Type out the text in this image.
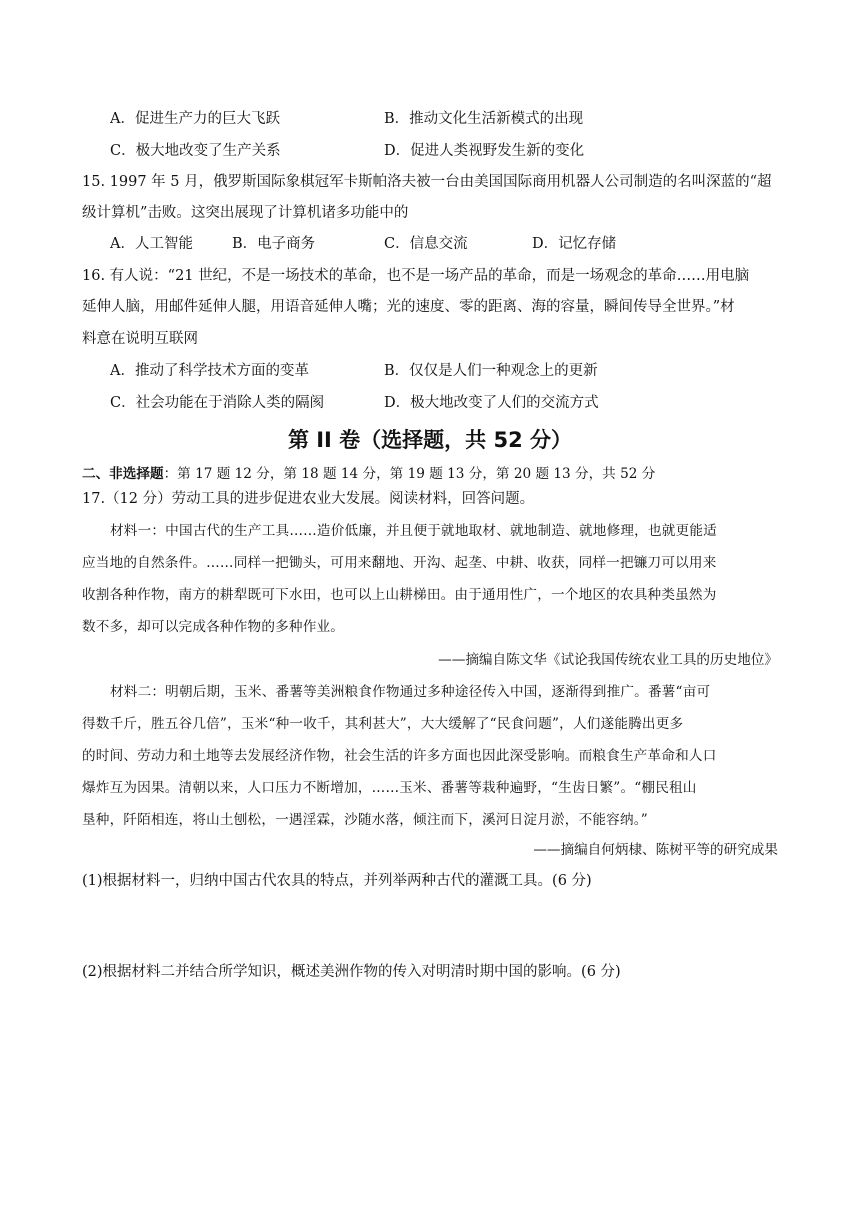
A．促进生产力的巨大飞跃	B．推动文化生活新模式的出现
C．极大地改变了生产关系	D．促进人类视野发生新的变化
15. 1997 年 5 月，俄罗斯国际象棋冠军卡斯帕洛夫被一台由美国国际商用机器人公司制造的名叫深蓝的“超
级计算机”击败。这突出展现了计算机诸多功能中的
A．人工智能	B．电子商务	C．信息交流	D．记忆存储
16. 有人说：“21 世纪，不是一场技术的革命，也不是一场产品的革命，而是一场观念的革命……用电脑
延伸人脑，用邮件延伸人腿，用语音延伸人嘴；光的速度、零的距离、海的容量，瞬间传导全世界。”材
料意在说明互联网
A．推动了科学技术方面的变革	B．仅仅是人们一种观念上的更新
C．社会功能在于消除人类的隔阂	D．极大地改变了人们的交流方式
第 II 卷（选择题，共 52 分）
二、非选择题：第 17 题 12 分，第 18 题 14 分，第 19 题 13 分，第 20 题 13 分，共 52 分
17.（12 分）劳动工具的进步促进农业大发展。阅读材料，回答问题。
材料一：中国古代的生产工具……造价低廉，并且便于就地取材、就地制造、就地修理，也就更能适
应当地的自然条件。……同样一把锄头，可用来翻地、开沟、起垄、中耕、收获，同样一把镰刀可以用来
收割各种作物，南方的耕犁既可下水田，也可以上山耕梯田。由于通用性广，一个地区的农具种类虽然为
数不多，却可以完成各种作物的多种作业。
——摘编自陈文华《试论我国传统农业工具的历史地位》
材料二：明朝后期，玉米、番薯等美洲粮食作物通过多种途径传入中国，逐渐得到推广。番薯“亩可
得数千斤，胜五谷几倍”，玉米“种一收千，其利甚大”，大大缓解了“民食问题”，人们遂能腾出更多
的时间、劳动力和土地等去发展经济作物，社会生活的许多方面也因此深受影响。而粮食生产革命和人口
爆炸互为因果。清朝以来，人口压力不断增加，……玉米、番薯等栽种遍野，“生齿日繁”。“棚民租山
垦种，阡陌相连，将山土刨松，一遇淫霖，沙随水落，倾注而下，溪河日淀月淤，不能容纳。”
——摘编自何炳棣、陈树平等的研究成果
(1)根据材料一，归纳中国古代农具的特点，并列举两种古代的灌溉工具。(6 分)
(2)根据材料二并结合所学知识，概述美洲作物的传入对明清时期中国的影响。(6 分)
